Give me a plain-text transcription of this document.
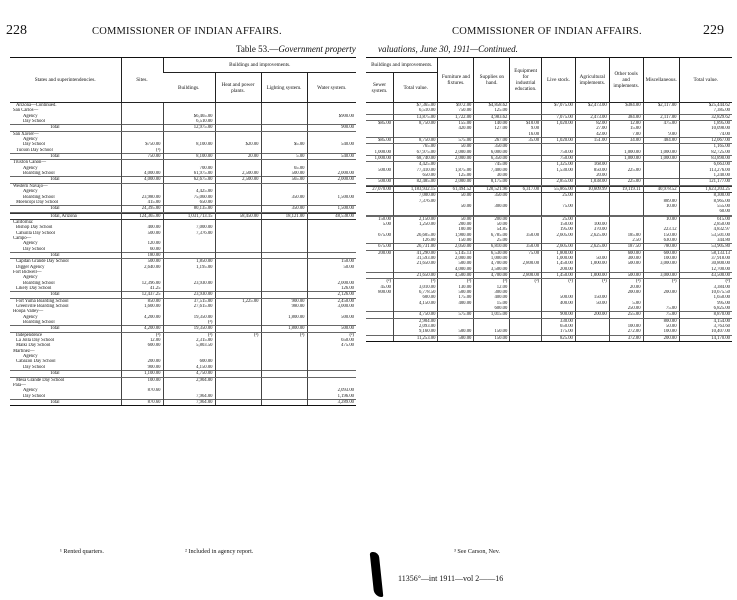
228	COMMISSIONER OF INDIAN AFFAIRS.
Table 53.—Government property
States and superintendencies.	Sites.	Buildings and improvements.			
		Buildings.	Heat and power plants.	Lighting system.	Water system.

Arizona—Continued.					
San Carlos—					
Agency		$6,465.00			$900.00
Day School		6,510.00			

Total		12,975.00			900.00

San Xavier—					
Agency					
Day School	$750.00	8,100.00	$20.00	$5.00	540.00
Tucson Day School	(¹)				

Total	750.00	8,100.00	20.00	5.00	540.00

Truxton Canon—					
Agency		700.00		65.00	
Boarding School	4,000.00	61,975.00	2,500.00	500.00	2,000.00

Total	4,000.00	62,675.00	2,500.00	565.00	2,000.00

Western Navajo—					
Agency		4,425.00			
Boarding School	23,980.00	75,060.00		350.00	1,500.00
Moencopi Day School	415.00	650.00			

Total	24,395.00	80,135.00		350.00	1,500.00

Total, Arizona	124,365.00	1,031,713.15	58,450.00	18,121.00	48,538.00
California:					
Bishop Day School	400.00	7,000.00			
Cahuilla Day School	500.00	7,376.00			

Campo—					
Agency	120.00				
Day School	60.00				

Total	180.00				
Capitan Grande Day School	500.00	1,850.00			150.00
Digger Agency	2,640.00	1,195.00			50.00

Fort Bidwell—					
Agency					
Boarding School	12,396.00	23,930.00			2,000.00
Likely Day School	41.25				126.00

Total	12,437.25	23,930.00			2,126.00
Fort Yuma Boarding School	850.00	37,515.00	1,225.00	900.00	2,450.00
Greenville Boarding School	1,600.00	27,615.00		980.00	3,000.00

Hoopa Valley—					
Agency	4,200.00	19,350.00		1,800.00	500.00
Boarding School		(²)			

Total	4,200.00	19,350.00		1,800.00	500.00
Independence	(²)	(²)	(²)	(²)	(²)
La Jolla Day School	12.00	2,315.00			650.00
Malki Day School	600.00	5,803.50			475.00

Martinez—					
Agency					
Cabazon Day School	200.00	600.00			
Day School	900.00	4,150.00			

Total	1,100.00	4,750.00			
Mesa Grande Day School	100.00	2,904.00			

Pala—					
Agency	870.60				2,093.00
Day School		7,964.00			1,196.00

Total	870.60	7,964.00			3,289.00
¹ Rented quarters.	² Included in agency report.
COMMISSIONER OF INDIAN AFFAIRS.	229
valuations, June 30, 1911—Continued.
Buildings and improvements.		Furniture and fixtures.	Supplies on hand.	Equipment for industrial education.	Live stock.	Agricultural implements.	Other tools and implements.	Miscellaneous.	Total value.
Sewer system.	Total value.								

	$7,365.00	$972.00	$4,858.62		$7,075.00	$2,473.00	$384.00	$2,117.00	$25,444.62
	6,510.00	750.00	125.00						7,385.00

	13,875.00	1,722.00	4,983.62		7,075.00	2,473.00	384.00	2,117.00	32,829.62

$85.00	8,750.00	155.00	140.00	$10.00	1,020.00	82.00	12.00	475.00	1,895.00
		420.00	127.00	9.00		27.00	15.00		10,098.00
				16.00		42.00	7.00	9.00	74.00
$85.00	8,750.00	575.00	267.00	35.00	1,020.00	151.00	34.00	484.00	12,067.00

	765.00	50.00	350.00						1,165.00
1,000.00	67,975.00	2,000.00	6,000.00		750.00		1,000.00	1,000.00	82,725.00

1,000.00	68,740.00	2,000.00	6,350.00		750.00		1,000.00	1,000.00	83,890.00

	4,425.00		745.00		1,325.00	168.00			6,663.00
500.00	77,410.00	1,875.00	7,400.00		1,530.00	850.00	225.00		113,276.00
	650.00	125.00	30.00			20.00			1,240.00

500.00	82,485.00	2,000.00	8,175.00		2,855.00	1,038.00	225.00		121,177.00

27,070.00	1,183,932.15	61,494.52	120,521.96	6,317.00	55,865.00	10,609.99	19,119.11	40,978.52	1,623,203.25

	7,000.00	50.00	350.00		25.00				8,300.00
	7,376.00							889.00	8,965.00

		50.00	300.00		75.00			10.00	555.00
									60.00

150.00	2,150.00	50.00	200.00		25.00			10.00	615.00
5.00	1,250.00	200.00	50.00		150.00	100.00			2,850.00
		100.00	54.85		195.00	370.00		223.12	4,832.97

675.00	26,605.00	1,900.00	6,785.00	350.00	2,605.00	2,625.00	185.00	150.00	53,501.00
	126.00	150.00	25.00				2.50	630.00	344.80

675.00	26,731.00	2,050.00	6,810.00	350.00	2,605.00	2,625.00	187.50	780.00	53,905.80
200.00	41,290.00	5,145.13	6,530.00	75.00	1,800.00		600.00	600.00	58,133.13
	31,593.00	2,000.00	1,000.00		1,000.00	50.00	300.00	100.00	37,918.00

	21,650.00	500.00	4,700.00	2,800.00	1,450.00	1,000.00	500.00	3,000.00	30,800.00
		4,000.00	3,500.00		200.00				12,700.00

	21,650.00	4,500.00	4,700.00	2,800.00	1,450.00	1,000.00	500.00	3,000.00	43,500.00
(²)	(²)	(²)	(²)	(²)	(²)	(²)	(²)	(²)	(²)
45.00	3,010.00	130.00	12.00				20.00		3,384.00
800.00	6,778.50	500.00	300.00				200.00	200.00	10,675.50

	600.00	175.00	400.00		500.00	150.00			1,650.00
	4,150.00	400.00	15.00		400.00	50.00	5.00		995.00
			600.00				250.00	75.00	6,825.00
	4,750.00	575.00	1,015.00		900.00	200.00	255.00	75.00	8,870.00
	2,904.00				330.00			800.00	4,154.00

	2,093.00				650.00		100.00	50.00	3,763.60
	9,160.00	500.00	150.00		175.00		272.00	100.00	10,407.00

	11,253.00	500.00	150.00		825.00		372.00	200.00	14,170.00
³ See Carson, Nev.
11356°—int 1911—vol 2——16
